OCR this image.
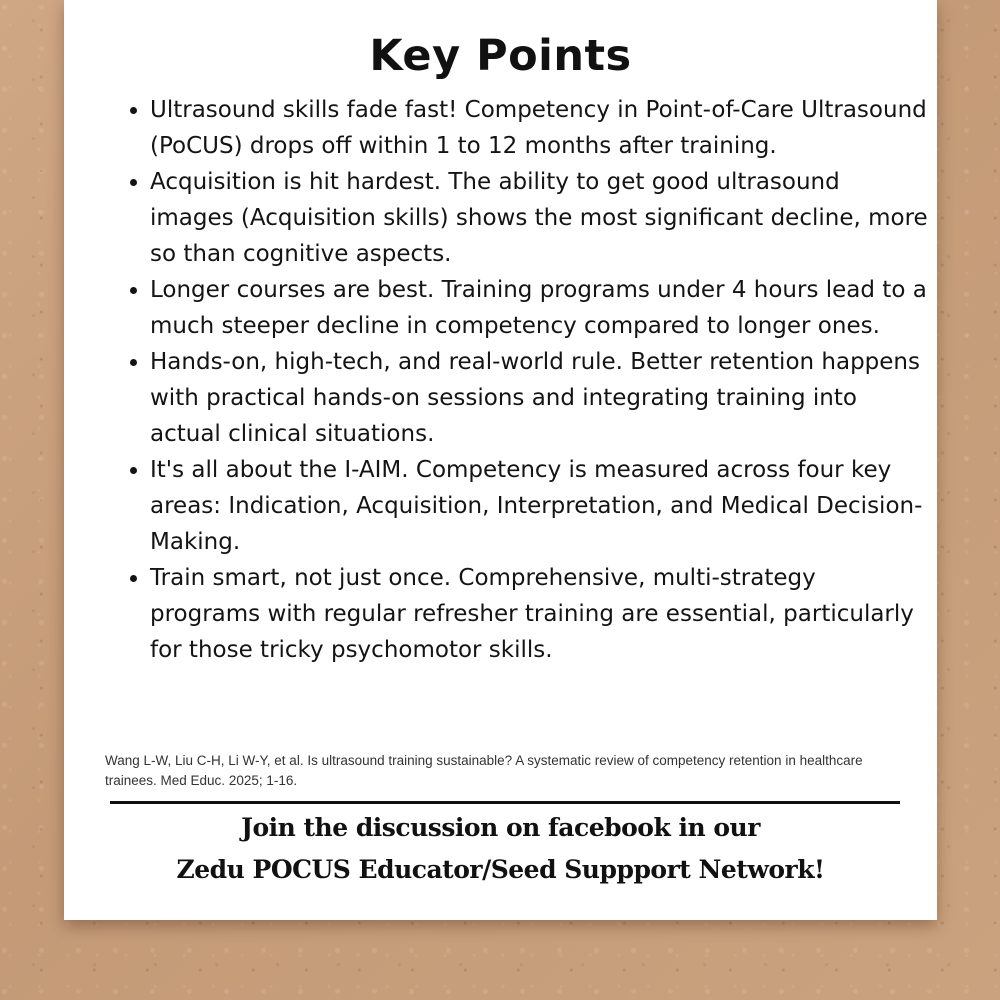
Key Points
Ultrasound skills fade fast! Competency in Point-of-Care Ultrasound (PoCUS) drops off within 1 to 12 months after training.
Acquisition is hit hardest. The ability to get good ultrasound images (Acquisition skills) shows the most significant decline, more so than cognitive aspects.
Longer courses are best. Training programs under 4 hours lead to a much steeper decline in competency compared to longer ones.
Hands-on, high-tech, and real-world rule. Better retention happens with practical hands-on sessions and integrating training into actual clinical situations.
It's all about the I-AIM. Competency is measured across four key areas: Indication, Acquisition, Interpretation, and Medical Decision-Making.
Train smart, not just once. Comprehensive, multi-strategy programs with regular refresher training are essential, particularly for those tricky psychomotor skills.

Wang L-W, Liu C-H, Li W-Y, et al. Is ultrasound training sustainable? A systematic review of competency retention in healthcare trainees. Med Educ. 2025; 1-16.

Join the discussion on facebook in our

Zedu POCUS Educator/Seed Suppport Network!
